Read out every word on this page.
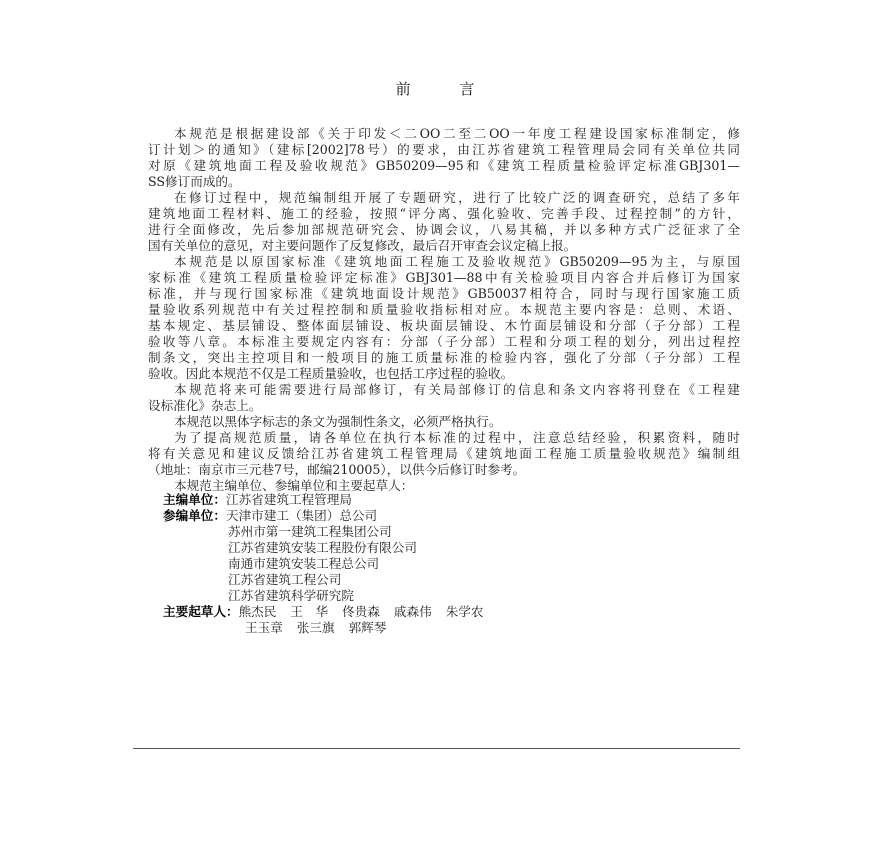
前 言
本规范是根据建设部《关于印发＜二OO二至二OO一年度工程建设国家标准制定，修
订计划＞的通知》（建标[2002]78号）的要求，由江苏省建筑工程管理局会同有关单位共同
对原《建筑地面工程及验收规范》GB50209—95和《建筑工程质量检验评定标准GBJ301—
SS修订而成的。
在修订过程中，规范编制组开展了专题研究，进行了比较广泛的调查研究，总结了多年
建筑地面工程材料、施工的经验，按照“评分离、强化验收、完善手段、过程控制”的方针，
进行全面修改，先后参加部规范研究会、协调会议，八易其稿，并以多种方式广泛征求了全
国有关单位的意见，对主要问题作了反复修改，最后召开审查会议定稿上报。
本规范是以原国家标准《建筑地面工程施工及验收规范》GB50209—95为主，与原国
家标准《建筑工程质量检验评定标准》GBJ301—88中有关检验项目内容合并后修订为国家
标准，并与现行国家标准《建筑地面设计规范》GB50037相符合，同时与现行国家施工质
量验收系列规范中有关过程控制和质量验收指标相对应。本规范主要内容是：总则、术语、
基本规定、基层铺设、整体面层铺设、板块面层铺设、木竹面层铺设和分部（子分部）工程
验收等八章。本标准主要规定内容有：分部（子分部）工程和分项工程的划分，列出过程控
制条文，突出主控项目和一般项目的施工质量标准的检验内容，强化了分部（子分部）工程
验收。因此本规范不仅是工程质量验收，也包括工序过程的验收。
本规范将来可能需要进行局部修订，有关局部修订的信息和条文内容将刊登在《工程建
设标准化》杂志上。
本规范以黑体字标志的条文为强制性条文，必须严格执行。
为了提高规范质量，请各单位在执行本标准的过程中，注意总结经验，积累资料，随时
将有关意见和建议反馈给江苏省建筑工程管理局《建筑地面工程施工质量验收规范》编制组
（地址：南京市三元巷7号，邮编210005），以供今后修订时参考。
本规范主编单位、参编单位和主要起草人：
主编单位：江苏省建筑工程管理局
参编单位：天津市建工（集团）总公司
苏州市第一建筑工程集团公司
江苏省建筑安装工程股份有限公司
南通市建筑安装工程总公司
江苏省建筑工程公司
江苏省建筑科学研究院
主要起草人：熊杰民 王　华 佟贵森 戚森伟 朱学农
王玉章 张三旗 郭辉琴
